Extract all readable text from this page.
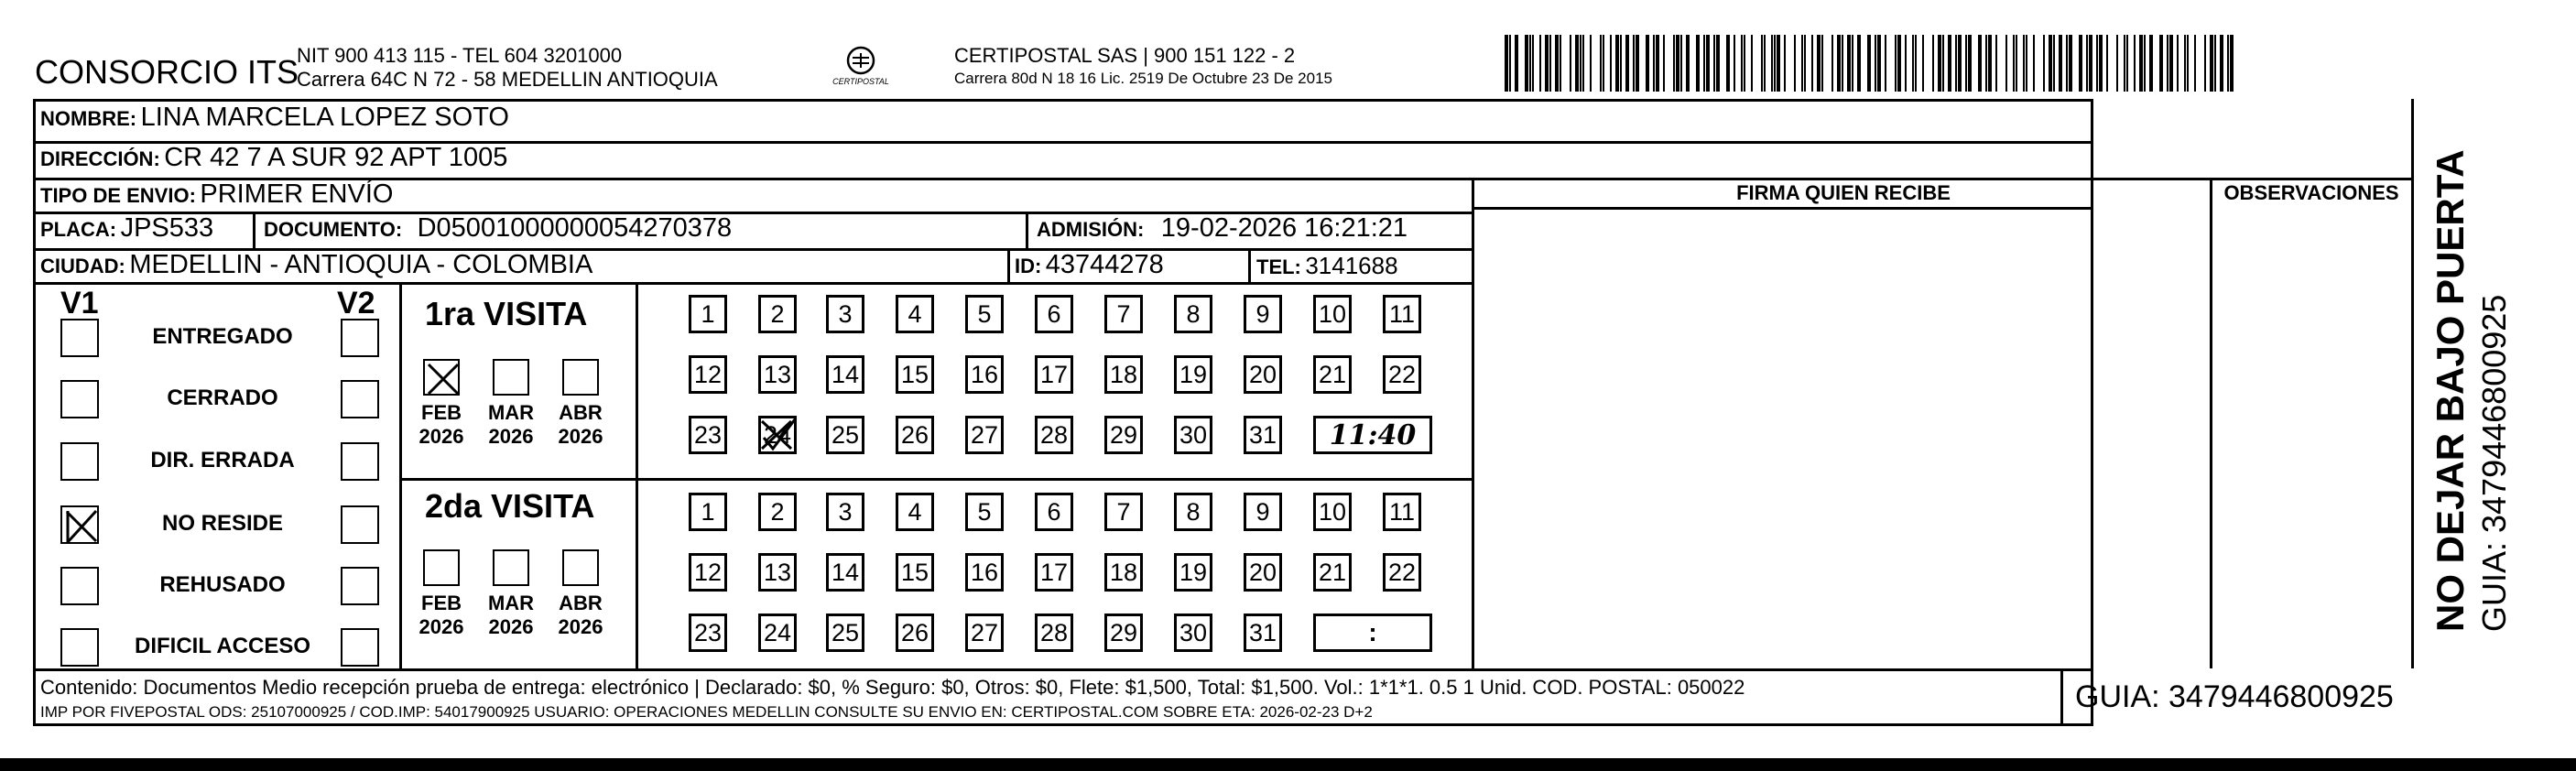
CONSORCIO ITS
NIT 900 413 115 - TEL 604 3201000
Carrera 64C N 72 - 58 MEDELLIN ANTIOQUIA	CERTIPOSTAL
CERTIPOSTAL SAS | 900 151 122 - 2
Carrera 80d N 18 16 Lic. 2519 De Octubre 23 De 2015
NOMBRE: LINA MARCELA LOPEZ SOTO
DIRECCIÓN: CR 42 7 A SUR 92 APT 1005
TIPO DE ENVIO: PRIMER ENVÍO
PLACA: JPS533 DOCUMENTO: D05001000000054270378	ADMISIÓN: 19-02-2026 16:21:21
CIUDAD: MEDELLIN - ANTIOQUIA - COLOMBIA	ID: 43744278	TEL: 3141688
FIRMA QUIEN RECIBE	OBSERVACIONES
V1	V2
ENTREGADO
CERRADO
DIR. ERRADA
NO RESIDE
REHUSADO
DIFICIL ACCESO
1ra VISITA
FEB
2026
MAR
2026
ABR
2026
1 2 3 4 5 6 7 8 9 10 11
12 13 14 15 16 17 18 19 20 21 22
23 24 25 26 27 28 29 30 31 11:40
2da VISITA
FEB
2026
MAR
2026
ABR
2026
1 2 3 4 5 6 7 8 9 10 11
12 13 14 15 16 17 18 19 20 21 22
23 24 25 26 27 28 29 30 31	:
Contenido: Documentos Medio recepción prueba de entrega: electrónico | Declarado: $0, % Seguro: $0, Otros: $0, Flete: $1,500, Total: $1,500. Vol.: 1*1*1. 0.5 1 Unid. COD. POSTAL: 050022
IMP POR FIVEPOSTAL ODS: 25107000925 / COD.IMP: 54017900925 USUARIO: OPERACIONES MEDELLIN CONSULTE SU ENVIO EN: CERTIPOSTAL.COM SOBRE ETA: 2026-02-23 D+2	GUIA: 3479446800925
NO DEJAR BAJO PUERTA GUIA: 3479446800925
